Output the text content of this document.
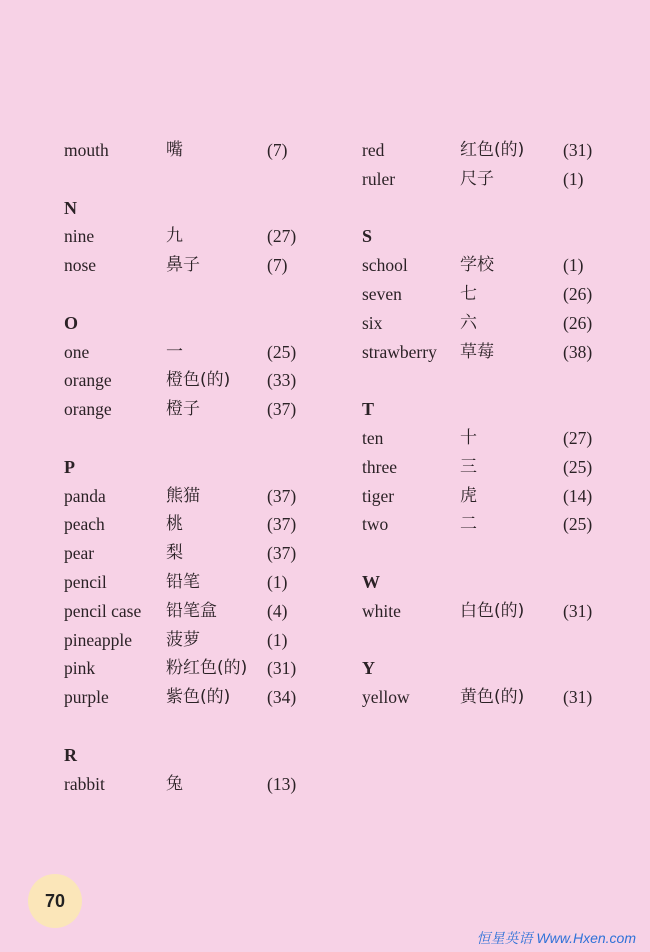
mouth	嘴	(7)
N
nine	九	(27)
nose	鼻子	(7)
O
one	一	(25)
orange	橙色(的) (33)
orange	橙子	(37)
P
panda	熊猫	(37)
peach	桃	(37)
pear	梨	(37)
pencil	铅笔	(1)
pencil case 铅笔盒	(4)
pineapple 菠萝	(1)
pink	粉红色(的) (31)
purple	紫色(的) (34)
R
rabbit	兔	(13)
red	红色(的) (31)
ruler	尺子	(1)
S
school	学校	(1)
seven	七	(26)
six	六	(26)
strawberry 草莓	(38)
T
ten	十	(27)
three	三	(25)
tiger	虎	(14)
two	二	(25)
W
white	白色(的) (31)
Y
yellow	黄色(的) (31)
70
恒星英语 Www.Hxen.com
